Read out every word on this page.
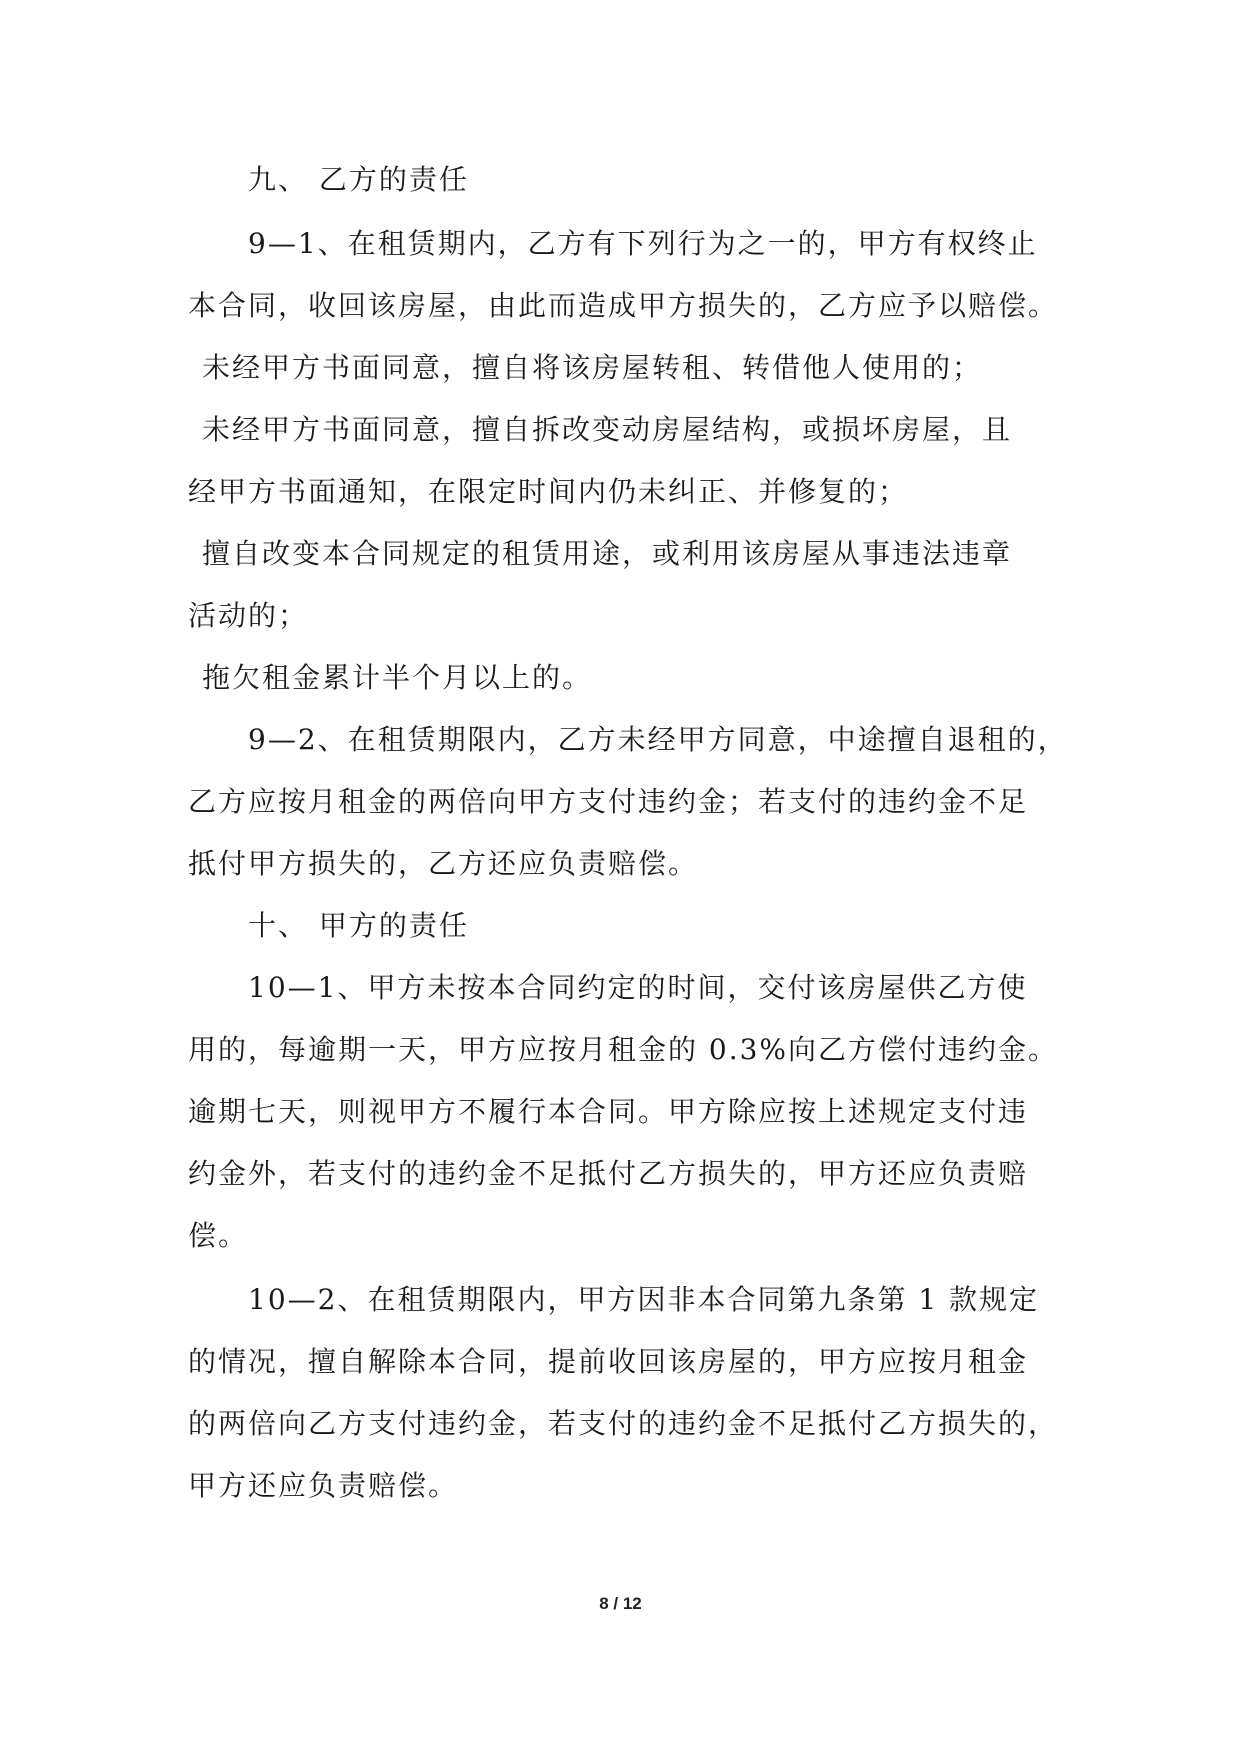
九、 乙方的责任
9—1、在租赁期内，乙方有下列行为之一的，甲方有权终止
本合同，收回该房屋，由此而造成甲方损失的，乙方应予以赔偿。
未经甲方书面同意，擅自将该房屋转租、转借他人使用的；
未经甲方书面同意，擅自拆改变动房屋结构，或损坏房屋，且
经甲方书面通知，在限定时间内仍未纠正、并修复的；
擅自改变本合同规定的租赁用途，或利用该房屋从事违法违章
活动的；
拖欠租金累计半个月以上的。
9—2、在租赁期限内，乙方未经甲方同意，中途擅自退租的，
乙方应按月租金的两倍向甲方支付违约金；若支付的违约金不足
抵付甲方损失的，乙方还应负责赔偿。
十、 甲方的责任
10—1、甲方未按本合同约定的时间，交付该房屋供乙方使
用的，每逾期一天，甲方应按月租金的 0.3%向乙方偿付违约金。
逾期七天，则视甲方不履行本合同。甲方除应按上述规定支付违
约金外，若支付的违约金不足抵付乙方损失的，甲方还应负责赔
偿。
10—2、在租赁期限内，甲方因非本合同第九条第 1 款规定
的情况，擅自解除本合同，提前收回该房屋的，甲方应按月租金
的两倍向乙方支付违约金，若支付的违约金不足抵付乙方损失的，
甲方还应负责赔偿。
8 / 12
